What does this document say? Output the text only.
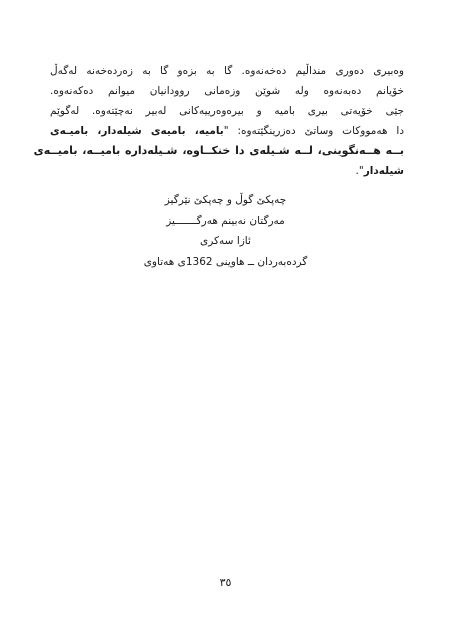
وەبیری دەوری منداڵیم دەخەنەوە. گا بە بزەو گا بە زەردەخەنە لەگەڵ
خۆیانم دەبەنەوە ولە شوێن وزەمانی روودانیان میوانم دەکەنەوە.
جێی خۆیەتی بیری بامیە و بیرەوەرییەکانی لەبیر نەچێتەوە. لەگوێم
دا هەمووکات وساتێ دەزرینگێتەوە: "بامیە، بامیەی شیلەدار، بامیـەی
بــە هــەنگوینی، لــە شـیلەی دا خنکــاوە، شـیلەدارە بامیــە، بامیــەی
شیلەدار".
چەپکێ گوڵ و چەپکێ نێرگیز
مەرگتان نەبینم هەرگـــــــیز
ئازا سەکری
گردەبەردان ــ هاوینی 1362ی هەتاوی
٣٥
